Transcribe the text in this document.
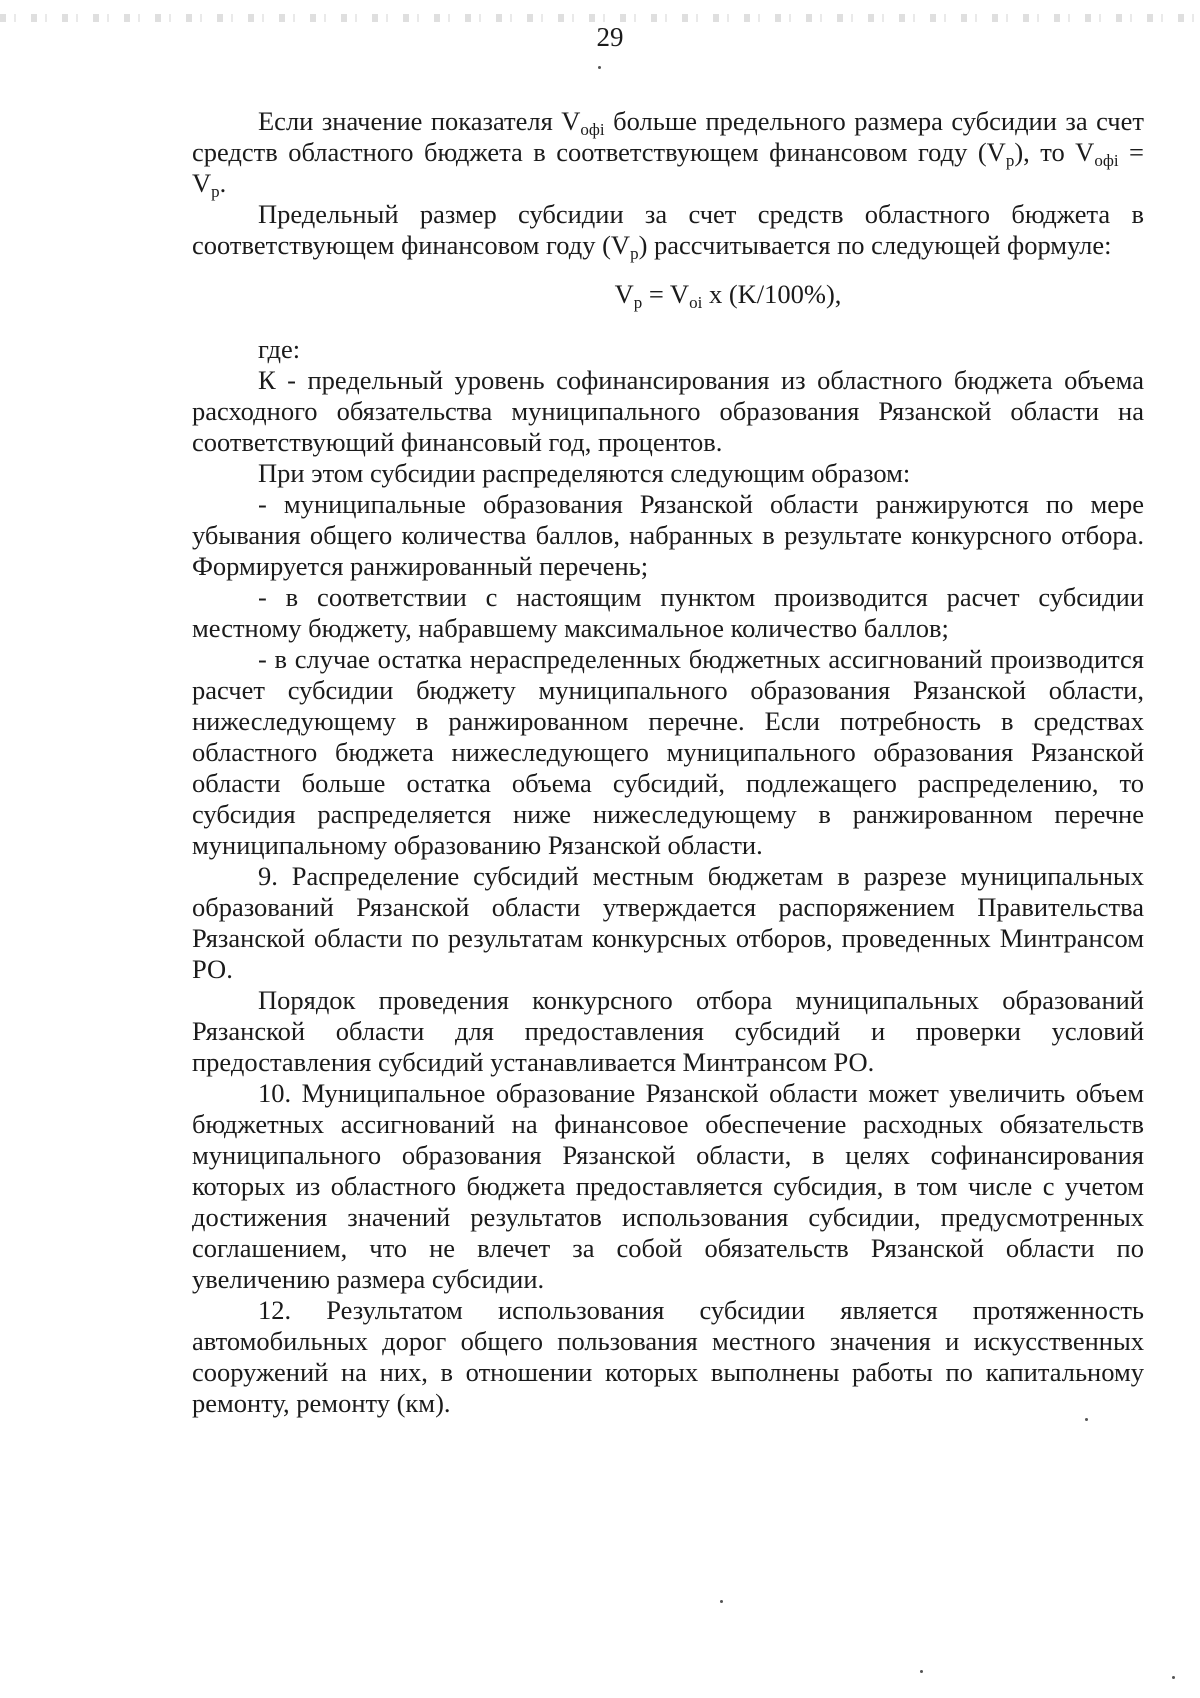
29

Если значение показателя $V_{офi}$ больше предельного размера субсидии за счет средств областного бюджета в соответствующем финансовом году $(V_p)$, то $V_{офi} = V_p$.

Предельный размер субсидии за счет средств областного бюджета в соответствующем финансовом году $(V_p)$ рассчитывается по следующей формуле:

$V_p = V_{oi}$ x (K/100%),

где:

К - предельный уровень софинансирования из областного бюджета объема расходного обязательства муниципального образования Рязанской области на соответствующий финансовый год, процентов.

При этом субсидии распределяются следующим образом:

- муниципальные образования Рязанской области ранжируются по мере убывания общего количества баллов, набранных в результате конкурсного отбора. Формируется ранжированный перечень;

- в соответствии с настоящим пунктом производится расчет субсидии местному бюджету, набравшему максимальное количество баллов;

- в случае остатка нераспределенных бюджетных ассигнований производится расчет субсидии бюджету муниципального образования Рязанской области, нижеследующему в ранжированном перечне. Если потребность в средствах областного бюджета нижеследующего муниципального образования Рязанской области больше остатка объема субсидий, подлежащего распределению, то субсидия распределяется ниже нижеследующему в ранжированном перечне муниципальному образованию Рязанской области.

9. Распределение субсидий местным бюджетам в разрезе муниципальных образований Рязанской области утверждается распоряжением Правительства Рязанской области по результатам конкурсных отборов, проведенных Минтрансом РО.

Порядок проведения конкурсного отбора муниципальных образований Рязанской области для предоставления субсидий и проверки условий предоставления субсидий устанавливается Минтрансом РО.

10. Муниципальное образование Рязанской области может увеличить объем бюджетных ассигнований на финансовое обеспечение расходных обязательств муниципального образования Рязанской области, в целях софинансирования которых из областного бюджета предоставляется субсидия, в том числе с учетом достижения значений результатов использования субсидии, предусмотренных соглашением, что не влечет за собой обязательств Рязанской области по увеличению размера субсидии.

12. Результатом использования субсидии является протяженность автомобильных дорог общего пользования местного значения и искусственных сооружений на них, в отношении которых выполнены работы по капитальному ремонту, ремонту (км).
